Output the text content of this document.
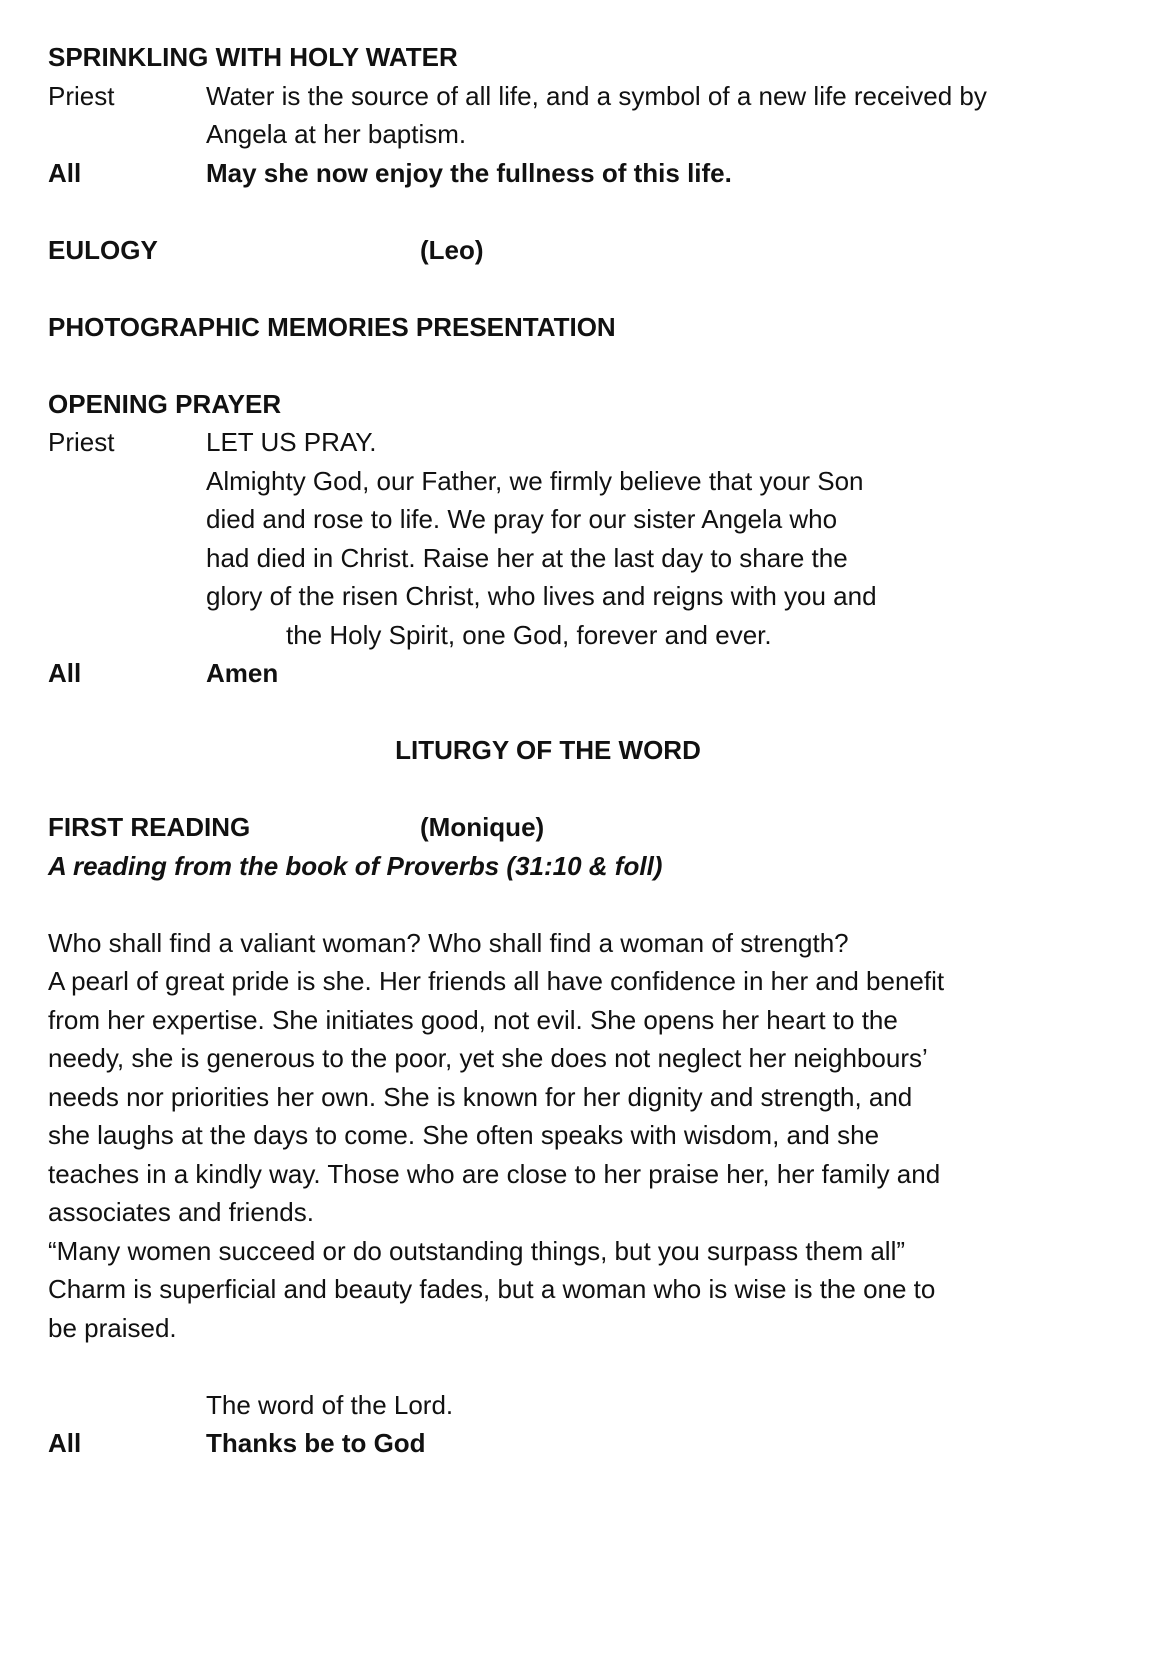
SPRINKLING WITH HOLY WATER

Priest	Water is the source of all life, and a symbol of a new life received by
Angela at her baptism.
All	May she now enjoy the fullness of this life.
EULOGY	(Leo)

PHOTOGRAPHIC MEMORIES PRESENTATION

OPENING PRAYER

Priest	LET US PRAY.
Almighty God, our Father, we firmly believe that your Son
died and rose to life. We pray for our sister Angela who
had died in Christ. Raise her at the last day to share the
glory of the risen Christ, who lives and reigns with you and
the Holy Spirit, one God, forever and ever.
All	Amen

LITURGY OF THE WORD

FIRST READING	(Monique)

A reading from the book of Proverbs (31:10 & foll)

Who shall find a valiant woman? Who shall find a woman of strength?

A pearl of great pride is she. Her friends all have confidence in her and benefit

from her expertise. She initiates good, not evil. She opens her heart to the

needy, she is generous to the poor, yet she does not neglect her neighbours’

needs nor priorities her own. She is known for her dignity and strength, and

she laughs at the days to come. She often speaks with wisdom, and she

teaches in a kindly way. Those who are close to her praise her, her family and

associates and friends.

“Many women succeed or do outstanding things, but you surpass them all”

Charm is superficial and beauty fades, but a woman who is wise is the one to

be praised.

The word of the Lord.
All	Thanks be to God
